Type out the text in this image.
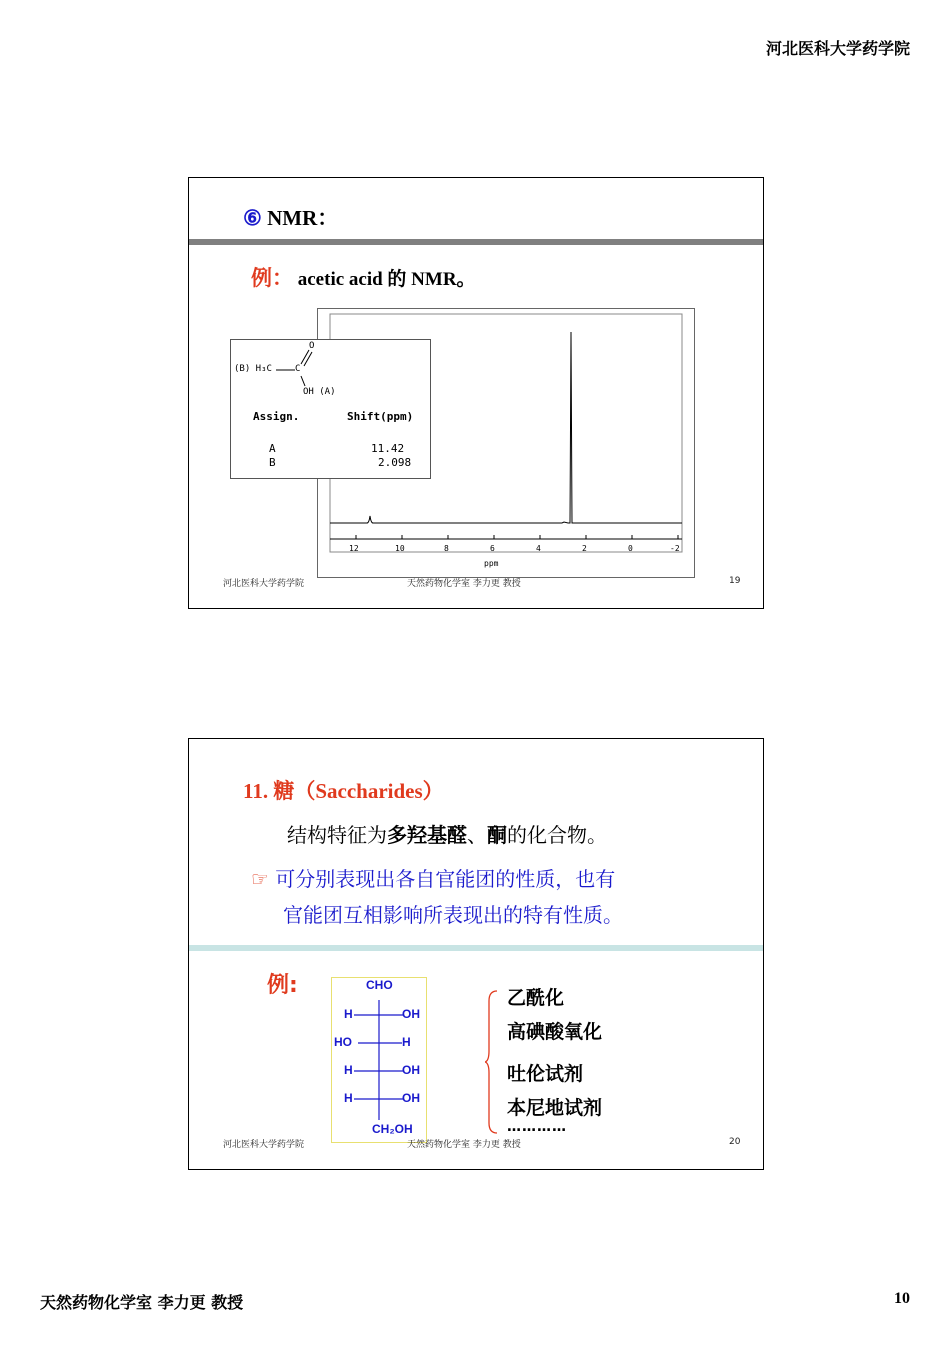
河北医科大学药学院
⑥ NMR：
例： acetic acid 的 NMR。
12	10	8	6	4	2	0	-2
ppm
(B) H₃C	C
O
OH (A)
Assign.	Shift(ppm)
A	11.42
B	2.098
河北医科大学药学院	天然药物化学室 李力更 教授	19
11. 糖（Saccharides）
结构特征为多羟基醛、酮的化合物。
☞ 可分别表现出各自官能团的性质，也有
官能团互相影响所表现出的特有性质。
例:	CHO
H	OH
HO	H
H	OH
H	OH
CH₂OH
乙酰化
高碘酸氧化
吐伦试剂
本尼地试剂
…………
河北医科大学药学院	天然药物化学室 李力更 教授	20
天然药物化学室 李力更 教授	10
